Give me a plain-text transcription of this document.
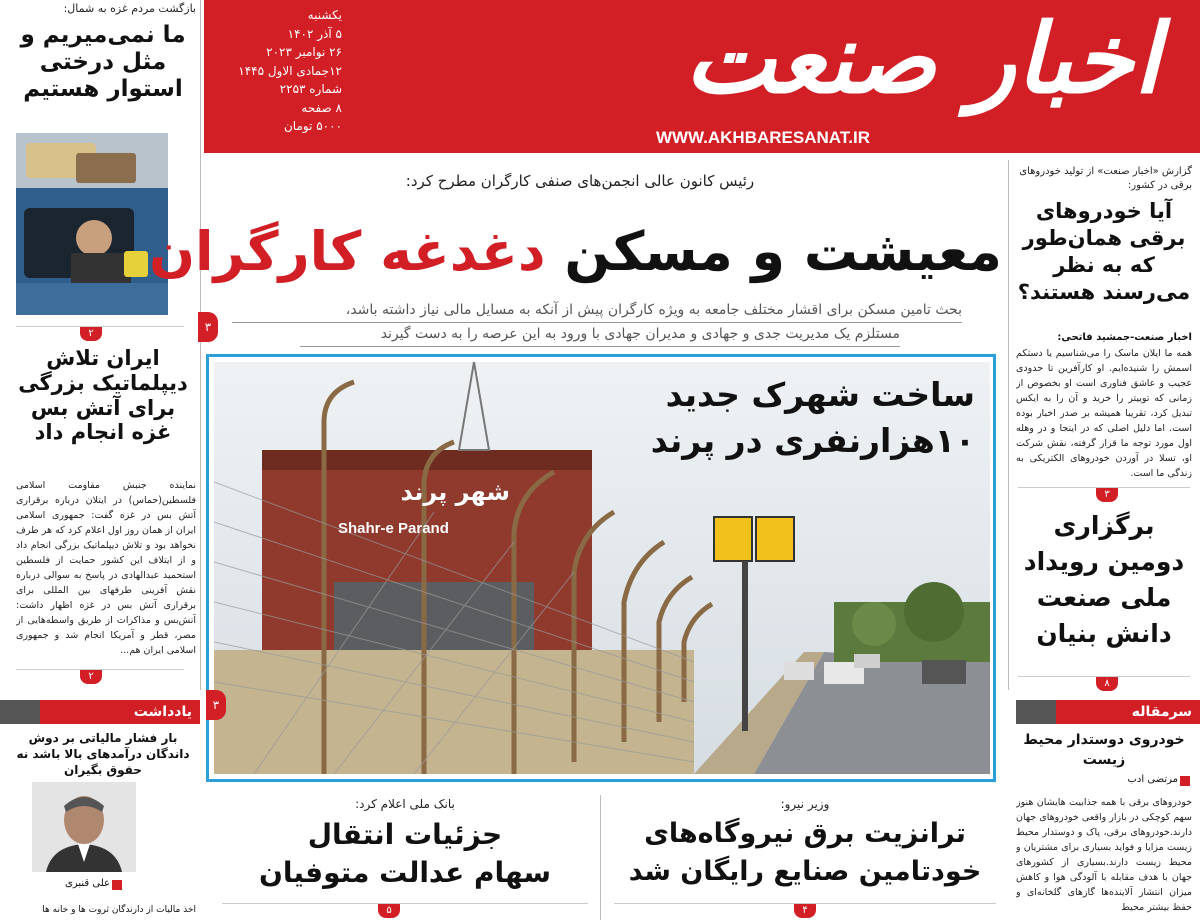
اخبار صنعت
WWW.AKHBARESANAT.IR
یکشنبه
۵ آذر ۱۴۰۲
۲۶ نوامبر ۲۰۲۳
۱۲جمادی الاول ۱۴۴۵
شماره ۲۲۵۳
۸ صفحه
۵۰۰۰ تومان
بازگشت مردم غزه به شمال:
ما نمی‌میریم و مثل درختی استوار هستیم
۲
ایران تلاش دیپلماتیک بزرگی برای آتش بس غزه انجام داد
نماینده جنبش مقاومت اسلامی فلسطین(حماس) در ایتلان درباره برقراری آتش بس در غزه گفت: جمهوری اسلامی ایران از همان روز اول اعلام کرد که هر طرف نخواهد بود و تلاش دیپلماتیک بزرگی انجام داد و از ایتلاف این کشور حمایت از فلسطین استحمید عبدالهادی در پاسخ به سوالی درباره نقش آفرینی طرفهای بین المللی برای برقراری آتش بس در غزه اظهار داشت: آتش‌بس و مذاکرات از طریق واسطه‌هایی از مصر، قطر و آمریکا انجام شد و جمهوری اسلامی ایران هم...
۲
یادداشت
بار فشار مالیاتی بر دوش داندگان درآمدهای بالا باشد نه حقوق بگیران
علی قنبری
اخذ مالیات از دارندگان ثروت ها و خانه ها
رئیس کانون عالی انجمن‌های صنفی کارگران مطرح کرد:
معیشت و مسکن دغدغه کارگران
بحث تامین مسکن برای اقشار مختلف جامعه به ویژه کارگران پیش از آنکه به مسایل مالی نیاز داشته باشد،
مستلزم یک مدیریت جدی و جهادی و مدیران جهادی با ورود به این عرصه را به دست گیرند
۳
شهر پرند
Shahr-e Parand
ساخت شهرک جدید
۱۰هزارنفری در پرند
۳
بانک ملی اعلام کرد:
جزئیات انتقال
سهام عدالت متوفیان
۵
وزیر نیرو:
ترانزیت برق نیروگاه‌های
خودتامین صنایع رایگان شد
۴
گزارش «اخبار صنعت» از تولید خودروهای برقی در کشور:
آیا خودروهای برقی همان‌طور که به نظر می‌رسند هستند؟
اخبار صنعت-جمشید فاتحی:
همه ما ایلان ماسک را می‌شناسیم یا دستکم اسمش را شنیده‌ایم. او کارآفرین تا حدودی عجیب و عاشق فناوری است‌ او بخصوص از زمانی که توییتر را خرید و آن را به ایکس تبدیل کرد، تقریبا همیشه بر صدر اخبار بوده است. اما دلیل اصلی که در اینجا و در وهله اول مورد توجه ما قرار گرفته، نقش شرکت او، تسلا در آوردن خودروهای الکتریکی به زندگی ما است.
۳
برگزاری دومین رویداد ملی صنعت دانش بنیان
۸
سرمقاله
خودروی دوستدار محیط زیست
مرتضی ادب
خودروهای برقی با همه جذابیت هایشان هنوز سهم کوچکی در بازار واقعی خودروهای جهان دارند.خودروهای برقی، پاک و دوستدار محیط زیست مزایا و فواید بسیاری برای مشتریان و محیط زیست دارند.بسیاری از کشورهای جهان با هدف مقابله با آلودگی هوا و کاهش میزان انتشار آلاینده‌ها گازهای گلخانه‌ای و حفظ بیشتر محیط
